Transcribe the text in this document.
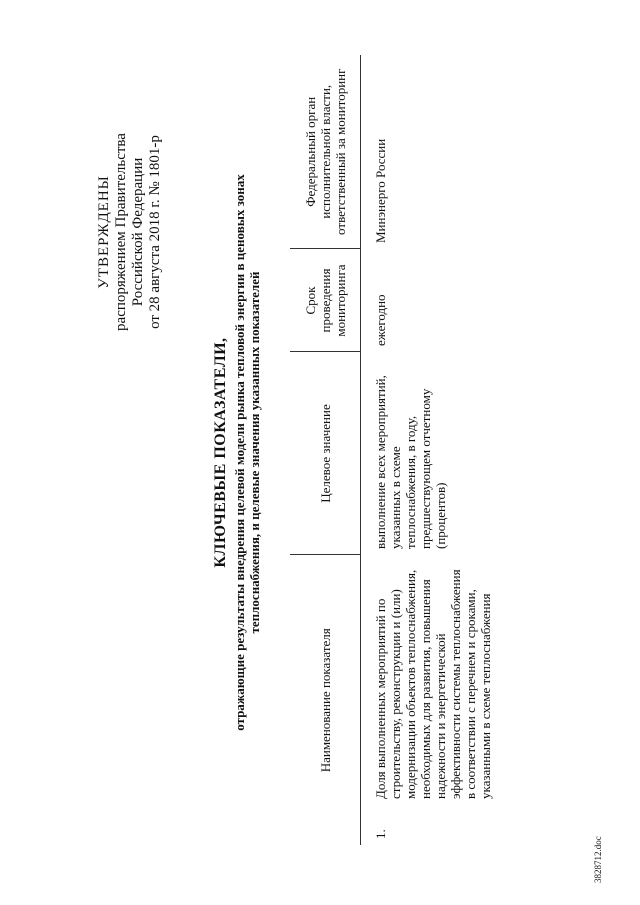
УТВЕРЖДЕНЫ распоряжением Правительства Российской Федерации от 28 августа 2018 г. № 1801-р
КЛЮЧЕВЫЕ ПОКАЗАТЕЛИ, отражающие результаты внедрения целевой модели рынка тепловой энергии в ценовых зонах теплоснабжения, и целевые значения указанных показателей
Наименование показателя		Целевое значение	Срок проведения мониторинга	Федеральный орган исполнительной власти, ответственный за мониторинг
1.	Доля выполненных мероприятий по строительству, реконструкции и (или) модернизации объектов теплоснабжения, необходимых для развития, повышения надежности и энергетической эффективности системы теплоснабжения в соответствии с перечнем и сроками, указанными в схеме теплоснабжения	выполнение всех мероприятий, указанных в схеме теплоснабжения, в году, предшествующем отчетному (процентов)	ежегодно	Минэнерго России
3828712.doc
